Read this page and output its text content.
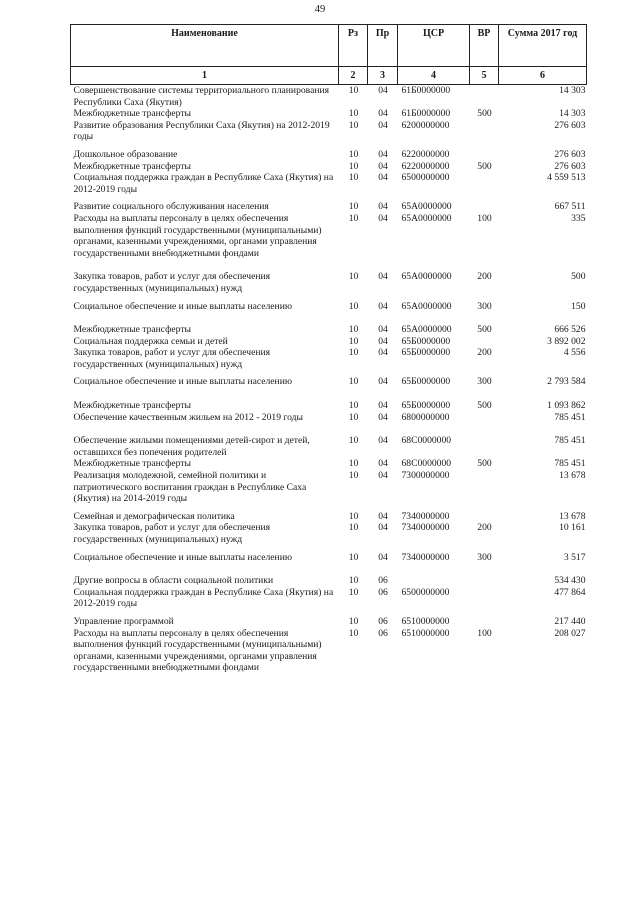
49
Наименование	Рз	Пр	ЦСР	ВР	Сумма 2017 год
1	2	3	4	5	6
Совершенствование системы территориального планирования Республики Саха (Якутия)	10	04	61Б0000000		14 303
Межбюджетные трансферты	10	04	61Б0000000	500	14 303
Развитие образования Республики Саха (Якутия) на 2012-2019 годы	10	04	6200000000		276 603
Дошкольное образование	10	04	6220000000		276 603
Межбюджетные трансферты	10	04	6220000000	500	276 603
Социальная поддержка граждан в Республике Саха (Якутия) на 2012-2019 годы	10	04	6500000000		4 559 513
Развитие социального обслуживания населения	10	04	65А0000000		667 511
Расходы на выплаты персоналу в целях обеспечения выполнения функций государственными (муниципальными) органами, казенными учреждениями, органами управления государственными внебюджетными фондами	10	04	65А0000000	100	335
Закупка товаров, работ и услуг для обеспечения государственных (муниципальных) нужд	10	04	65А0000000	200	500
Социальное обеспечение и иные выплаты населению	10	04	65А0000000	300	150
Межбюджетные трансферты	10	04	65А0000000	500	666 526
Социальная поддержка семьи и детей	10	04	65Б0000000		3 892 002
Закупка товаров, работ и услуг для обеспечения государственных (муниципальных) нужд	10	04	65Б0000000	200	4 556
Социальное обеспечение и иные выплаты населению	10	04	65Б0000000	300	2 793 584
Межбюджетные трансферты	10	04	65Б0000000	500	1 093 862
Обеспечение качественным жильем на 2012 - 2019 годы	10	04	6800000000		785 451
Обеспечение жилыми помещениями детей-сирот и детей, оставшихся без попечения родителей	10	04	68С0000000		785 451
Межбюджетные трансферты	10	04	68С0000000	500	785 451
Реализация молодежной, семейной политики и патриотического воспитания граждан в Республике Саха (Якутия) на 2014-2019 годы	10	04	7300000000		13 678
Семейная и демографическая политика	10	04	7340000000		13 678
Закупка товаров, работ и услуг для обеспечения государственных (муниципальных) нужд	10	04	7340000000	200	10 161
Социальное обеспечение и иные выплаты населению	10	04	7340000000	300	3 517
Другие вопросы в области социальной политики	10	06			534 430
Социальная поддержка граждан в Республике Саха (Якутия) на 2012-2019 годы	10	06	6500000000		477 864
Управление программой	10	06	6510000000		217 440
Расходы на выплаты персоналу в целях обеспечения выполнения функций государственными (муниципальными) органами, казенными учреждениями, органами управления государственными внебюджетными фондами	10	06	6510000000	100	208 027
